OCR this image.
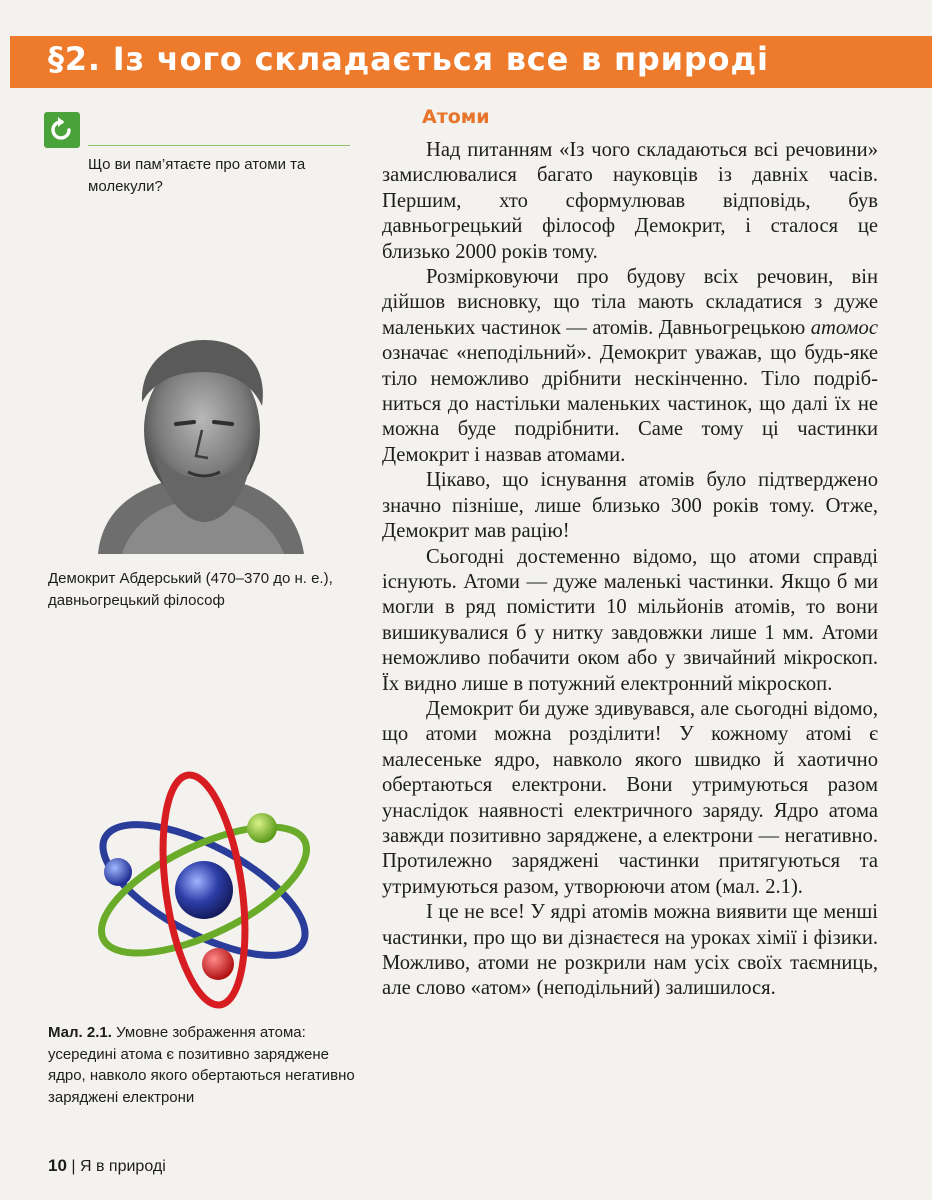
§2. Із чого складається все в природі
Що ви пам’ятаєте про атоми та молекули?
Демокрит Абдерський (470–370 до н. е.), давньогрецький філософ
Мал. 2.1. Умовне зображення атома: усередині атома є позитивно заряджене ядро, навколо якого обертаються негативно заряджені електрони
10 | Я в природі
Атоми

Над питанням «Із чого складаються всі речовини» замислювалися багато науковців із давніх часів. Першим, хто сформулював відповідь, був давньогрецький філософ Демокрит, і сталося це близько 2000 років тому.

Розмірковуючи про будову всіх речовин, він дійшов висновку, що тіла мають складатися з дуже маленьких частинок — атомів. Давньогрецькою атомос означає «неподільний». Демокрит уважав, що будь-яке тіло неможливо дрібнити нескінченно. Тіло подрібниться до настільки маленьких частинок, що далі їх не можна буде подрібнити. Саме тому ці частинки Демокрит і назвав атомами.

Цікаво, що існування атомів було підтверджено значно пізніше, лише близько 300 років тому. Отже, Демокрит мав рацію!

Сьогодні достеменно відомо, що атоми справді існують. Атоми — дуже маленькі частинки. Якщо б ми могли в ряд помістити 10 мільйонів атомів, то вони вишикувалися б у нитку завдовжки лише 1 мм. Атоми неможливо побачити оком або у звичайний мікроскоп. Їх видно лише в потужний електронний мікроскоп.

Демокрит би дуже здивувався, але сьогодні відомо, що атоми можна розділити! У кожному атомі є малесеньке ядро, навколо якого швидко й хаотично обертаються електрони. Вони утримуються разом унаслідок наявності електричного заряду. Ядро атома завжди позитивно заряджене, а електрони — негативно. Протилежно заряджені частинки притягуються та утримуються разом, утворюючи атом (мал. 2.1).

І це не все! У ядрі атомів можна виявити ще менші частинки, про що ви дізнаєтеся на уроках хімії і фізики. Можливо, атоми не розкрили нам усіх своїх таємниць, але слово «атом» (неподільний) залишилося.
